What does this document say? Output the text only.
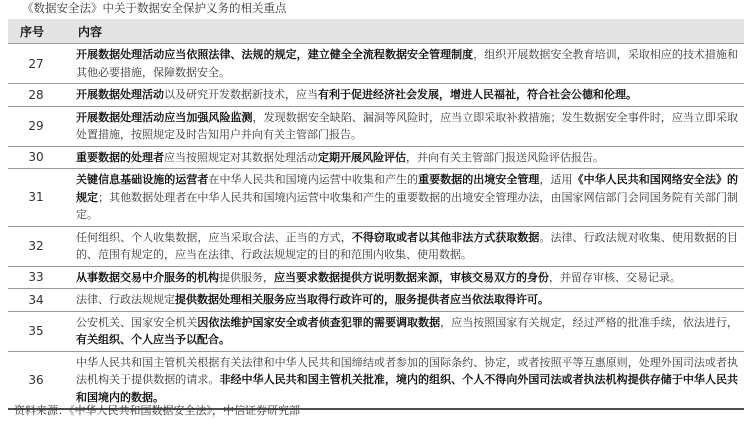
《数据安全法》中关于数据安全保护义务的相关重点
序号	内容
27	开展数据处理活动应当依照法律、法规的规定，建立健全全流程数据安全管理制度，组织开展数据安全教育培训，采取相应的技术措施和其他必要措施，保障数据安全。
28	开展数据处理活动以及研究开发数据新技术，应当有利于促进经济社会发展，增进人民福祉，符合社会公德和伦理。
29	开展数据处理活动应当加强风险监测，发现数据安全缺陷、漏洞等风险时，应当立即采取补救措施；发生数据安全事件时，应当立即采取处置措施，按照规定及时告知用户并向有关主管部门报告。
30	重要数据的处理者应当按照规定对其数据处理活动定期开展风险评估，并向有关主管部门报送风险评估报告。
31	关键信息基础设施的运营者在中华人民共和国境内运营中收集和产生的重要数据的出境安全管理，适用《中华人民共和国网络安全法》的规定；其他数据处理者在中华人民共和国境内运营中收集和产生的重要数据的出境安全管理办法，由国家网信部门会同国务院有关部门制定。
32	任何组织、个人收集数据，应当采取合法、正当的方式，不得窃取或者以其他非法方式获取数据。法律、行政法规对收集、使用数据的目的、范围有规定的，应当在法律、行政法规规定的目的和范围内收集、使用数据。
33	从事数据交易中介服务的机构提供服务，应当要求数据提供方说明数据来源，审核交易双方的身份，并留存审核、交易记录。
34	法律、行政法规规定提供数据处理相关服务应当取得行政许可的，服务提供者应当依法取得许可。
35	公安机关、国家安全机关因依法维护国家安全或者侦查犯罪的需要调取数据，应当按照国家有关规定，经过严格的批准手续，依法进行，有关组织、个人应当予以配合。
36	中华人民共和国主管机关根据有关法律和中华人民共和国缔结或者参加的国际条约、协定，或者按照平等互惠原则，处理外国司法或者执法机构关于提供数据的请求。非经中华人民共和国主管机关批准，境内的组织、个人不得向外国司法或者执法机构提供存储于中华人民共和国境内的数据。
资料来源：《中华人民共和国数据安全法》，中信证券研究部
